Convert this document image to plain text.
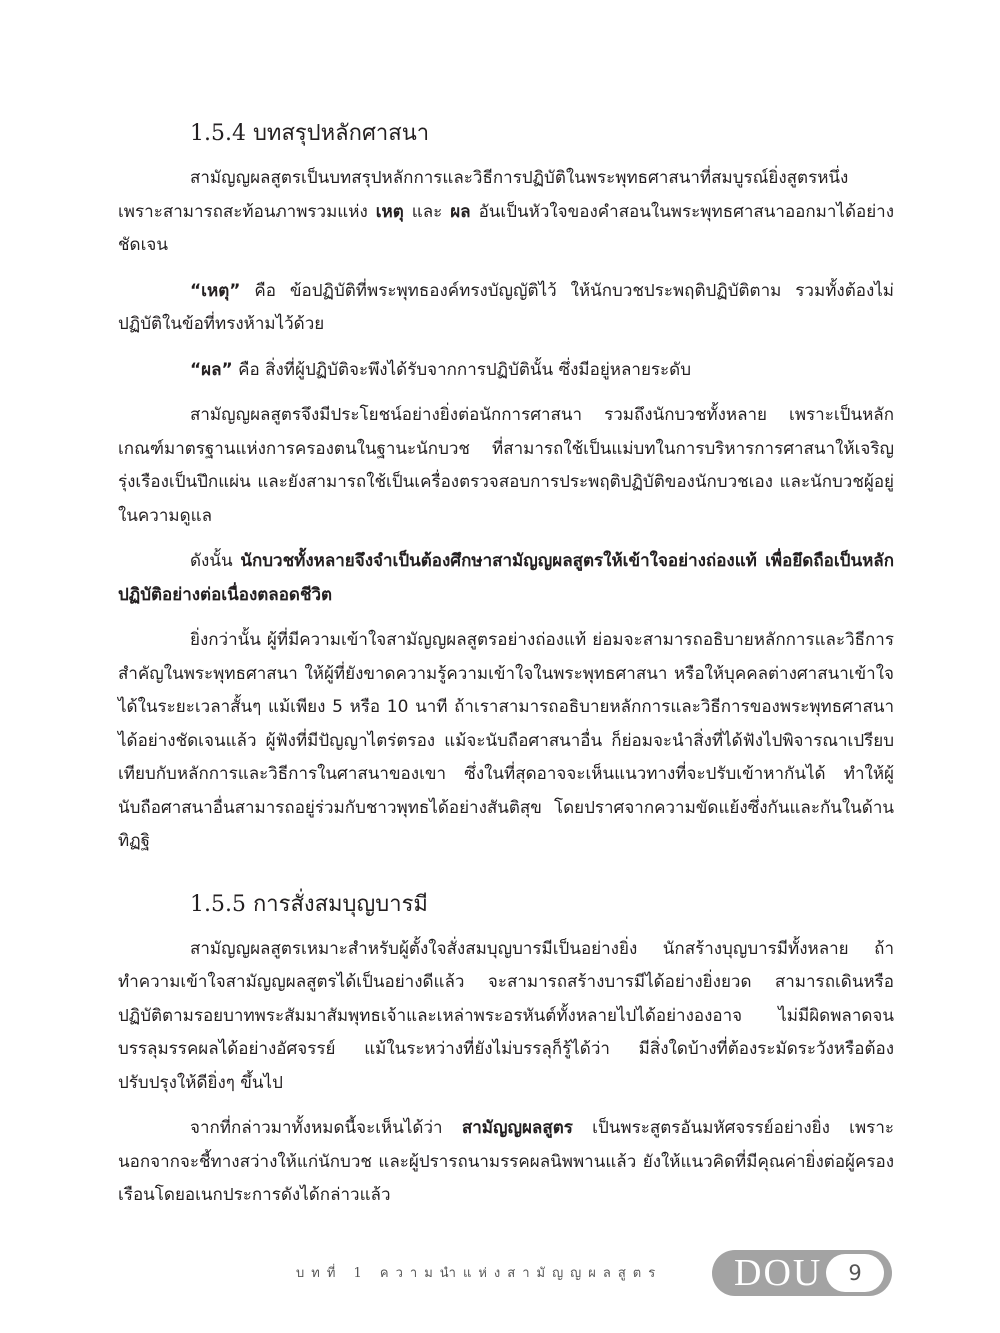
1.5.4 บทสรุปหลักศาสนา

สามัญญผลสูตรเป็นบทสรุปหลักการและวิธีการปฏิบัติในพระพุทธศาสนาที่สมบูรณ์ยิ่งสูตรหนึ่ง เพราะสามารถสะท้อนภาพรวมแห่ง เหตุ และ ผล อันเป็นหัวใจของคำสอนในพระพุทธศาสนาออกมาได้อย่างชัดเจน

“เหตุ” คือ ข้อปฏิบัติที่พระพุทธองค์ทรงบัญญัติไว้ ให้นักบวชประพฤติปฏิบัติตาม รวมทั้งต้องไม่ปฏิบัติในข้อที่ทรงห้ามไว้ด้วย

“ผล” คือ สิ่งที่ผู้ปฏิบัติจะพึงได้รับจากการปฏิบัตินั้น ซึ่งมีอยู่หลายระดับ

สามัญญผลสูตรจึงมีประโยชน์อย่างยิ่งต่อนักการศาสนา รวมถึงนักบวชทั้งหลาย เพราะเป็นหลักเกณฑ์มาตรฐานแห่งการครองตนในฐานะนักบวช ที่สามารถใช้เป็นแม่บทในการบริหารการศาสนาให้เจริญรุ่งเรืองเป็นปึกแผ่น และยังสามารถใช้เป็นเครื่องตรวจสอบการประพฤติปฏิบัติของนักบวชเอง และนักบวชผู้อยู่ในความดูแล

ดังนั้น นักบวชทั้งหลายจึงจำเป็นต้องศึกษาสามัญญผลสูตรให้เข้าใจอย่างถ่องแท้ เพื่อยึดถือเป็นหลักปฏิบัติอย่างต่อเนื่องตลอดชีวิต

ยิ่งกว่านั้น ผู้ที่มีความเข้าใจสามัญญผลสูตรอย่างถ่องแท้ ย่อมจะสามารถอธิบายหลักการและวิธีการสำคัญในพระพุทธศาสนา ให้ผู้ที่ยังขาดความรู้ความเข้าใจในพระพุทธศาสนา หรือให้บุคคลต่างศาสนาเข้าใจได้ในระยะเวลาสั้นๆ แม้เพียง 5 หรือ 10 นาที ถ้าเราสามารถอธิบายหลักการและวิธีการของพระพุทธศาสนาได้อย่างชัดเจนแล้ว ผู้ฟังที่มีปัญญาไตร่ตรอง แม้จะนับถือศาสนาอื่น ก็ย่อมจะนำสิ่งที่ได้ฟังไปพิจารณาเปรียบเทียบกับหลักการและวิธีการในศาสนาของเขา ซึ่งในที่สุดอาจจะเห็นแนวทางที่จะปรับเข้าหากันได้ ทำให้ผู้นับถือศาสนาอื่นสามารถอยู่ร่วมกับชาวพุทธได้อย่างสันติสุข โดยปราศจากความขัดแย้งซึ่งกันและกันในด้านทิฏฐิ

1.5.5 การสั่งสมบุญบารมี

สามัญญผลสูตรเหมาะสำหรับผู้ตั้งใจสั่งสมบุญบารมีเป็นอย่างยิ่ง นักสร้างบุญบารมีทั้งหลาย ถ้าทำความเข้าใจสามัญญผลสูตรได้เป็นอย่างดีแล้ว จะสามารถสร้างบารมีได้อย่างยิ่งยวด สามารถเดินหรือปฏิบัติตามรอยบาทพระสัมมาสัมพุทธเจ้าและเหล่าพระอรหันต์ทั้งหลายไปได้อย่างองอาจ ไม่มีผิดพลาดจนบรรลุมรรคผลได้อย่างอัศจรรย์ แม้ในระหว่างที่ยังไม่บรรลุก็รู้ได้ว่า มีสิ่งใดบ้างที่ต้องระมัดระวังหรือต้องปรับปรุงให้ดียิ่งๆ ขึ้นไป

จากที่กล่าวมาทั้งหมดนี้จะเห็นได้ว่า สามัญญผลสูตร เป็นพระสูตรอันมหัศจรรย์อย่างยิ่ง เพราะนอกจากจะชี้ทางสว่างให้แก่นักบวช และผู้ปรารถนามรรคผลนิพพานแล้ว ยังให้แนวคิดที่มีคุณค่ายิ่งต่อผู้ครองเรือนโดยอเนกประการดังได้กล่าวแล้ว

บทที่ 1 ความนำแห่งสามัญญผลสูตร DOU	9
